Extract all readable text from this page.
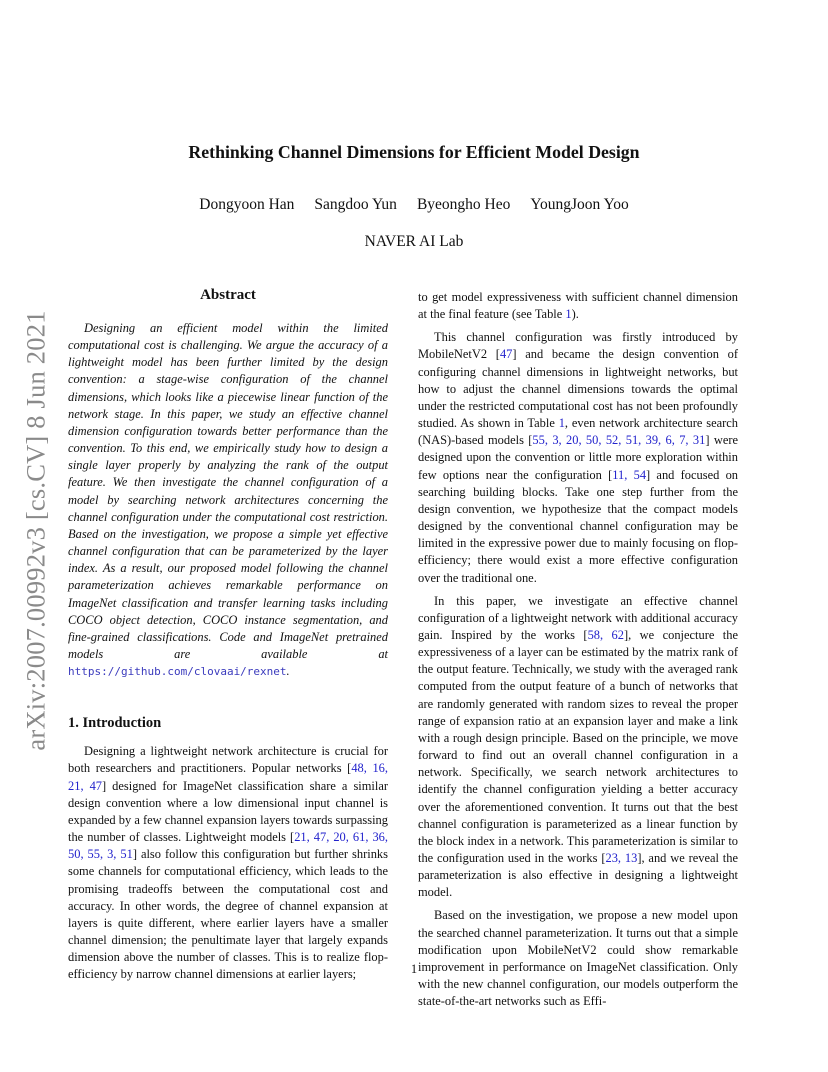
arXiv:2007.00992v3 [cs.CV] 8 Jun 2021
Rethinking Channel Dimensions for Efficient Model Design
Dongyoon Han Sangdoo Yun Byeongho Heo YoungJoon Yoo
NAVER AI Lab
Abstract

Designing an efficient model within the limited computational cost is challenging. We argue the accuracy of a lightweight model has been further limited by the design convention: a stage-wise configuration of the channel dimensions, which looks like a piecewise linear function of the network stage. In this paper, we study an effective channel dimension configuration towards better performance than the convention. To this end, we empirically study how to design a single layer properly by analyzing the rank of the output feature. We then investigate the channel configuration of a model by searching network architectures concerning the channel configuration under the computational cost restriction. Based on the investigation, we propose a simple yet effective channel configuration that can be parameterized by the layer index. As a result, our proposed model following the channel parameterization achieves remarkable performance on ImageNet classification and transfer learning tasks including COCO object detection, COCO instance segmentation, and fine-grained classifications. Code and ImageNet pretrained models are available at https://github.com/clovaai/rexnet.

1. Introduction

Designing a lightweight network architecture is crucial for both researchers and practitioners. Popular networks [48, 16, 21, 47] designed for ImageNet classification share a similar design convention where a low dimensional input channel is expanded by a few channel expansion layers towards surpassing the number of classes. Lightweight models [21, 47, 20, 61, 36, 50, 55, 3, 51] also follow this configuration but further shrinks some channels for computational efficiency, which leads to the promising tradeoffs between the computational cost and accuracy. In other words, the degree of channel expansion at layers is quite different, where earlier layers have a smaller channel dimension; the penultimate layer that largely expands dimension above the number of classes. This is to realize flop-efficiency by narrow channel dimensions at earlier layers;

to get model expressiveness with sufficient channel dimension at the final feature (see Table 1).

This channel configuration was firstly introduced by MobileNetV2 [47] and became the design convention of configuring channel dimensions in lightweight networks, but how to adjust the channel dimensions towards the optimal under the restricted computational cost has not been profoundly studied. As shown in Table 1, even network architecture search (NAS)-based models [55, 3, 20, 50, 52, 51, 39, 6, 7, 31] were designed upon the convention or little more exploration within few options near the configuration [11, 54] and focused on searching building blocks. Take one step further from the design convention, we hypothesize that the compact models designed by the conventional channel configuration may be limited in the expressive power due to mainly focusing on flop-efficiency; there would exist a more effective configuration over the traditional one.

In this paper, we investigate an effective channel configuration of a lightweight network with additional accuracy gain. Inspired by the works [58, 62], we conjecture the expressiveness of a layer can be estimated by the matrix rank of the output feature. Technically, we study with the averaged rank computed from the output feature of a bunch of networks that are randomly generated with random sizes to reveal the proper range of expansion ratio at an expansion layer and make a link with a rough design principle. Based on the principle, we move forward to find out an overall channel configuration in a network. Specifically, we search network architectures to identify the channel configuration yielding a better accuracy over the aforementioned convention. It turns out that the best channel configuration is parameterized as a linear function by the block index in a network. This parameterization is similar to the configuration used in the works [23, 13], and we reveal the parameterization is also effective in designing a lightweight model.

Based on the investigation, we propose a new model upon the searched channel parameterization. It turns out that a simple modification upon MobileNetV2 could show remarkable improvement in performance on ImageNet classification. Only with the new channel configuration, our models outperform the state-of-the-art networks such as Effi-

1
